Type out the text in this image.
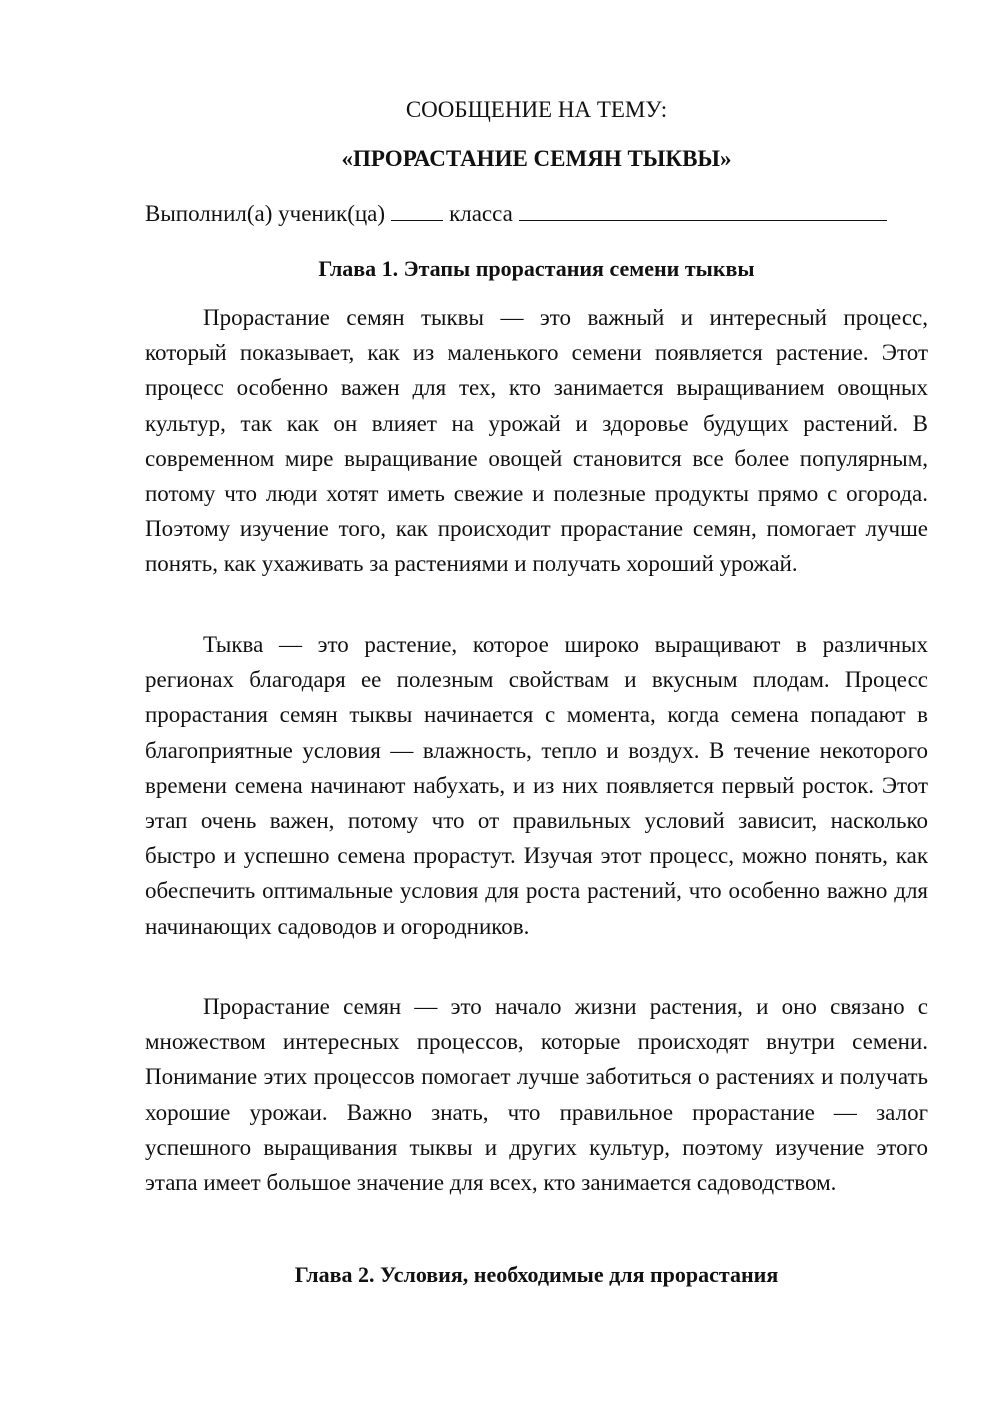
СООБЩЕНИЕ НА ТЕМУ:
«ПРОРАСТАНИЕ СЕМЯН ТЫКВЫ»
Выполнил(а) ученик(ца)	класса
Глава 1. Этапы прорастания семени тыквы

Прорастание семян тыквы — это важный и интересный процесс, который показывает, как из маленького семени появляется растение. Этот процесс особенно важен для тех, кто занимается выращиванием овощных культур, так как он влияет на урожай и здоровье будущих растений. В современном мире выращивание овощей становится все более популярным, потому что люди хотят иметь свежие и полезные продукты прямо с огорода. Поэтому изучение того, как происходит прорастание семян, помогает лучше понять, как ухаживать за растениями и получать хороший урожай.

Тыква — это растение, которое широко выращивают в различных регионах благодаря ее полезным свойствам и вкусным плодам. Процесс прорастания семян тыквы начинается с момента, когда семена попадают в благоприятные условия — влажность, тепло и воздух. В течение некоторого времени семена начинают набухать, и из них появляется первый росток. Этот этап очень важен, потому что от правильных условий зависит, насколько быстро и успешно семена прорастут. Изучая этот процесс, можно понять, как обеспечить оптимальные условия для роста растений, что особенно важно для начинающих садоводов и огородников.

Прорастание семян — это начало жизни растения, и оно связано с множеством интересных процессов, которые происходят внутри семени. Понимание этих процессов помогает лучше заботиться о растениях и получать хорошие урожаи. Важно знать, что правильное прорастание — залог успешного выращивания тыквы и других культур, поэтому изучение этого этапа имеет большое значение для всех, кто занимается садоводством.

Глава 2. Условия, необходимые для прорастания
